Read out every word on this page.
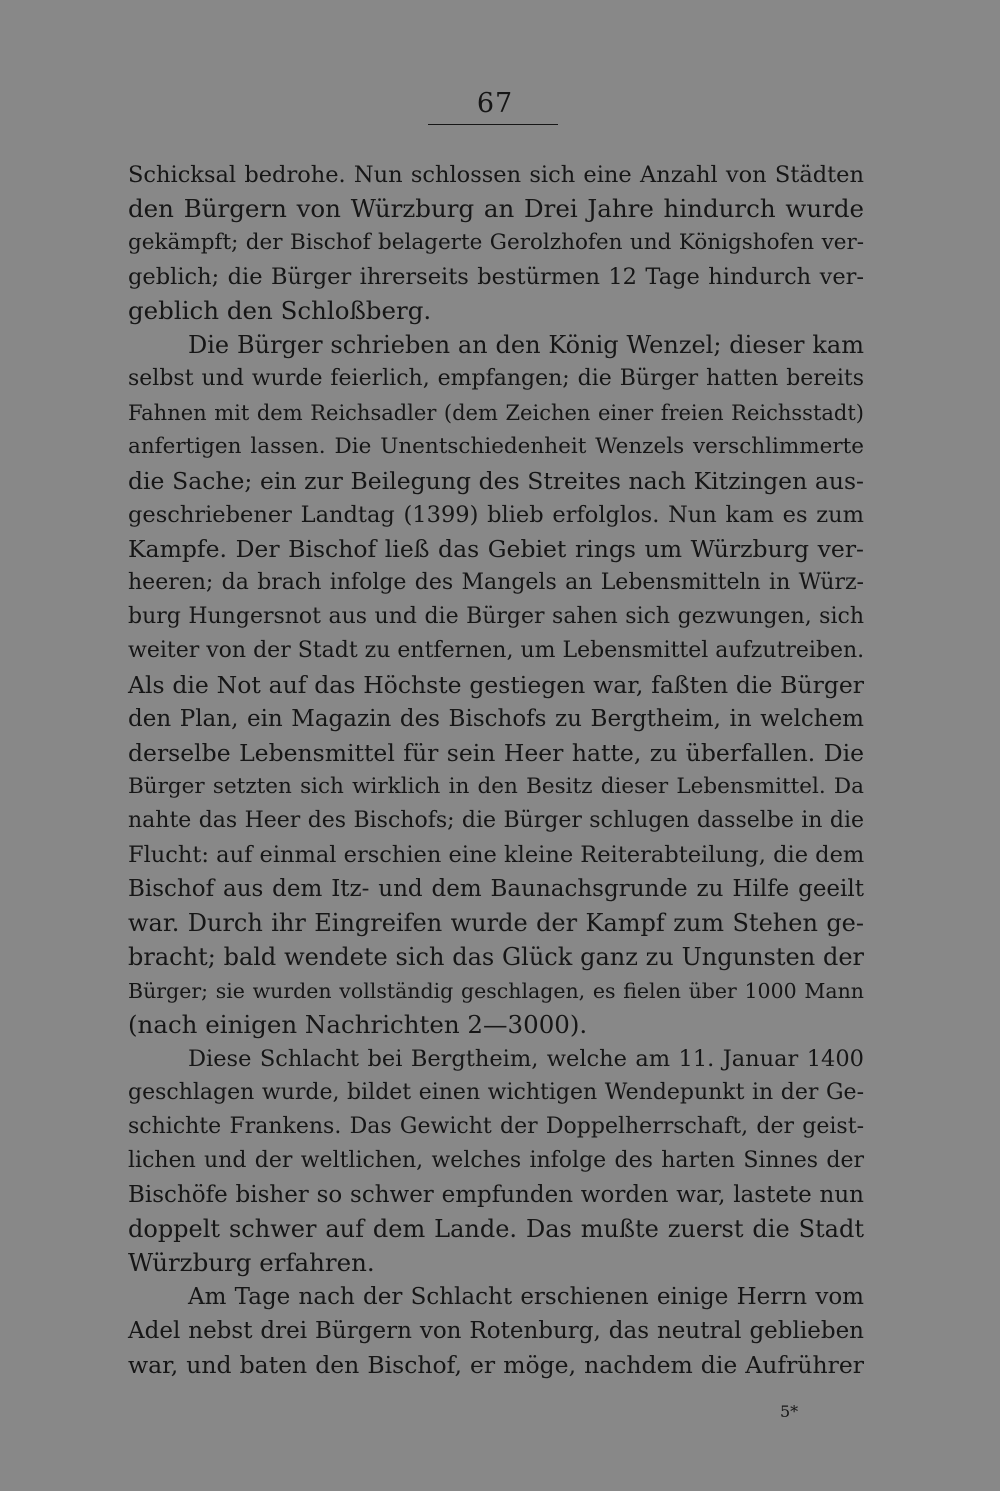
67
Schicksal bedrohe. Nun schlossen sich eine Anzahl von Städten
den Bürgern von Würzburg an Drei Jahre hindurch wurde
gekämpft; der Bischof belagerte Gerolzhofen und Königshofen ver-
geblich; die Bürger ihrerseits bestürmen 12 Tage hindurch ver-
geblich den Schloßberg.
Die Bürger schrieben an den König Wenzel; dieser kam
selbst und wurde feierlich, empfangen; die Bürger hatten bereits
Fahnen mit dem Reichsadler (dem Zeichen einer freien Reichsstadt)
anfertigen lassen. Die Unentschiedenheit Wenzels verschlimmerte
die Sache; ein zur Beilegung des Streites nach Kitzingen aus-
geschriebener Landtag (1399) blieb erfolglos. Nun kam es zum
Kampfe. Der Bischof ließ das Gebiet rings um Würzburg ver-
heeren; da brach infolge des Mangels an Lebensmitteln in Würz-
burg Hungersnot aus und die Bürger sahen sich gezwungen, sich
weiter von der Stadt zu entfernen, um Lebensmittel aufzutreiben.
Als die Not auf das Höchste gestiegen war, faßten die Bürger
den Plan, ein Magazin des Bischofs zu Bergtheim, in welchem
derselbe Lebensmittel für sein Heer hatte, zu überfallen. Die
Bürger setzten sich wirklich in den Besitz dieser Lebensmittel. Da
nahte das Heer des Bischofs; die Bürger schlugen dasselbe in die
Flucht: auf einmal erschien eine kleine Reiterabteilung, die dem
Bischof aus dem Itz- und dem Baunachsgrunde zu Hilfe geeilt
war. Durch ihr Eingreifen wurde der Kampf zum Stehen ge-
bracht; bald wendete sich das Glück ganz zu Ungunsten der
Bürger; sie wurden vollständig geschlagen, es fielen über 1000 Mann
(nach einigen Nachrichten 2—3000).
Diese Schlacht bei Bergtheim, welche am 11. Januar 1400
geschlagen wurde, bildet einen wichtigen Wendepunkt in der Ge-
schichte Frankens. Das Gewicht der Doppelherrschaft, der geist-
lichen und der weltlichen, welches infolge des harten Sinnes der
Bischöfe bisher so schwer empfunden worden war, lastete nun
doppelt schwer auf dem Lande. Das mußte zuerst die Stadt
Würzburg erfahren.
Am Tage nach der Schlacht erschienen einige Herrn vom
Adel nebst drei Bürgern von Rotenburg, das neutral geblieben
war, und baten den Bischof, er möge, nachdem die Aufrührer
5*
